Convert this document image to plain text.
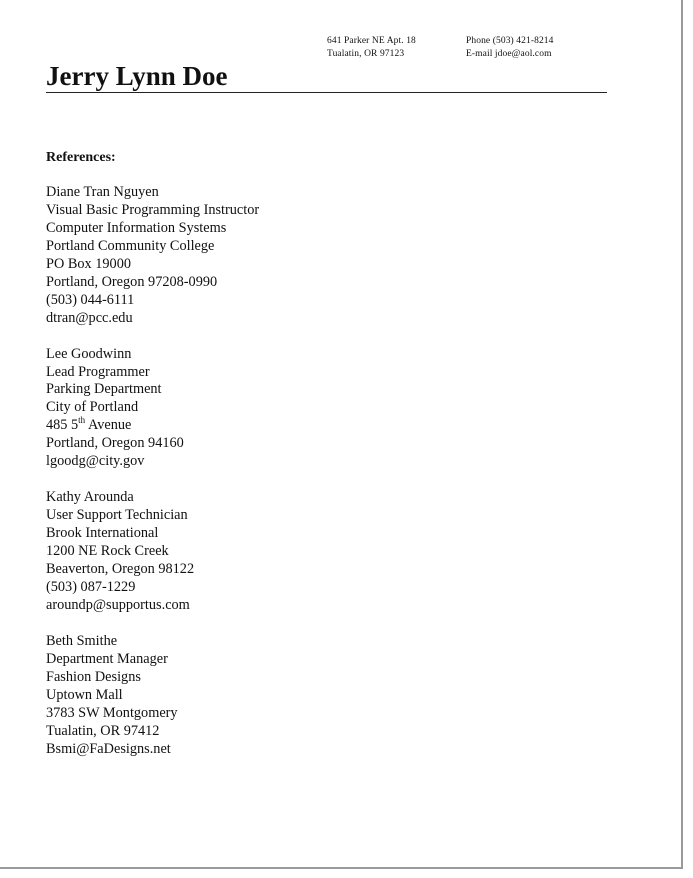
641 Parker NE Apt. 18
Tualatin, OR 97123
Phone (503) 421-8214
E-mail jdoe@aol.com
Jerry Lynn Doe
References:
Diane Tran Nguyen
Visual Basic Programming Instructor
Computer Information Systems
Portland Community College
PO Box 19000
Portland, Oregon 97208-0990
(503) 044-6111
dtran@pcc.edu
Lee Goodwinn
Lead Programmer
Parking Department
City of Portland
485 5th Avenue
Portland, Oregon 94160
lgoodg@city.gov
Kathy Arounda
User Support Technician
Brook International
1200 NE Rock Creek
Beaverton, Oregon 98122
(503) 087-1229
aroundp@supportus.com
Beth Smithe
Department Manager
Fashion Designs
Uptown Mall
3783 SW Montgomery
Tualatin, OR 97412
Bsmi@FaDesigns.net
